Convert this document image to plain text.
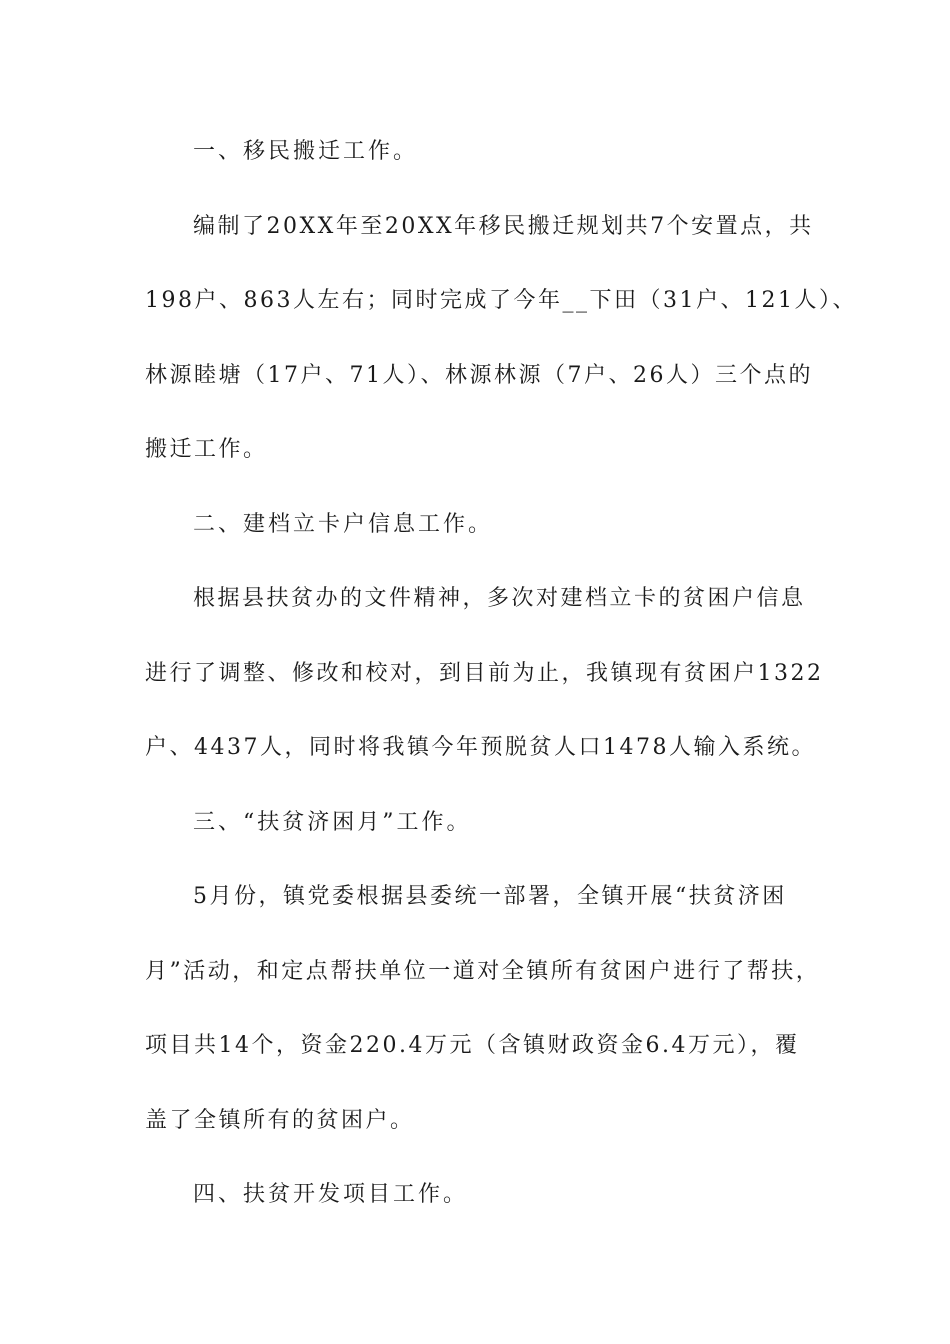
一、移民搬迁工作。
编制了20XX年至20XX年移民搬迁规划共7个安置点，共
198户、863人左右；同时完成了今年__下田（31户、121人）、
林源睦塘（17户、71人）、林源林源（7户、26人）三个点的
搬迁工作。
二、建档立卡户信息工作。
根据县扶贫办的文件精神，多次对建档立卡的贫困户信息
进行了调整、修改和校对，到目前为止，我镇现有贫困户1322
户、4437人，同时将我镇今年预脱贫人口1478人输入系统。
三、“扶贫济困月”工作。
5月份，镇党委根据县委统一部署，全镇开展“扶贫济困
月”活动，和定点帮扶单位一道对全镇所有贫困户进行了帮扶，
项目共14个，资金220.4万元（含镇财政资金6.4万元），覆
盖了全镇所有的贫困户。
四、扶贫开发项目工作。
